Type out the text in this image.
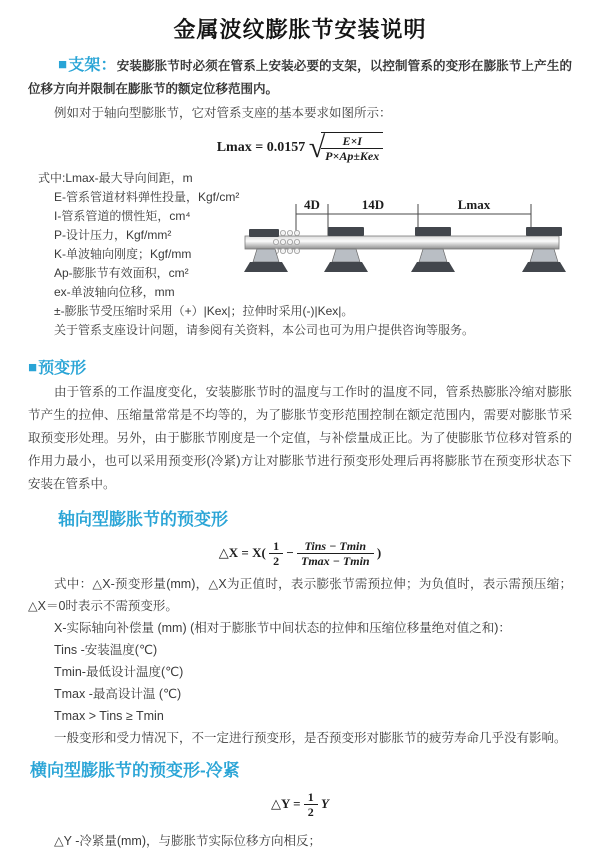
金属波纹膨胀节安装说明

■支架：安装膨胀节时必须在管系上安装必要的支架，以控制管系的变形在膨胀节上产生的位移方向并限制在膨胀节的额定位移范围内。

例如对于轴向型膨胀节，它对管系支座的基本要求如图所示：

Lmax = 0.0157 √
$\frac{E\times I}{\text{P×Ap±Kex}}$
式中:Lmax-最大导向间距，m
E-管系管道材料弹性投量，Kgf/cm²
I-管系管道的惯性矩，cm⁴
P-设计压力，Kgf/mm²
K-单波轴向刚度；Kgf/mm
Ap-膨胀节有效面积，cm²
ex-单波轴向位移，mm
±-膨胀节受压缩时采用（+）|Kex|；拉伸时采用(-)|Kex|。
4D	14D	Lmax

关于管系支座设计问题，请参阅有关资料，本公司也可为用户提供咨询等服务。

■预变形

由于管系的工作温度变化，安装膨胀节时的温度与工作时的温度不同，管系热膨胀冷缩对膨胀节产生的拉伸、压缩量常常是不均等的，为了膨胀节变形范围控制在额定范围内，需要对膨胀节采取预变形处理。另外，由于膨胀节刚度是一个定值，与补偿量成正比。为了使膨胀节位移对管系的作用力最小，也可以采用预变形(冷紧)方让对膨胀节进行预变形处理后再将膨胀节在预变形状态下安装在管系中。

轴向型膨胀节的预变形
△X = $X( \frac{1}{2} - \frac{\text{Tins − Tmin}}{Tmax - Tmin}$ )

式中：△X-预变形量(mm)，△X为正值时，表示膨张节需预拉伸；为负值时，表示需预压缩；△X＝0时表示不需预变形。

X-实际轴向补偿量 (mm) (相对于膨胀节中间状态的拉伸和压缩位移量绝对值之和)：
Tins -安装温度(℃)
Tmin-最低设计温度(℃)
Tmax -最高设计温 (℃)
Tmax > Tins ≥ Tmin

一般变形和受力情况下，不一定进行预变形，是否预变形对膨胀节的疲劳寿命几乎没有影响。

横向型膨胀节的预变形-冷紧
△Y = $\frac{1}{2}$ Y

△Y -冷紧量(mm)，与膨胀节实际位移方向相反；
